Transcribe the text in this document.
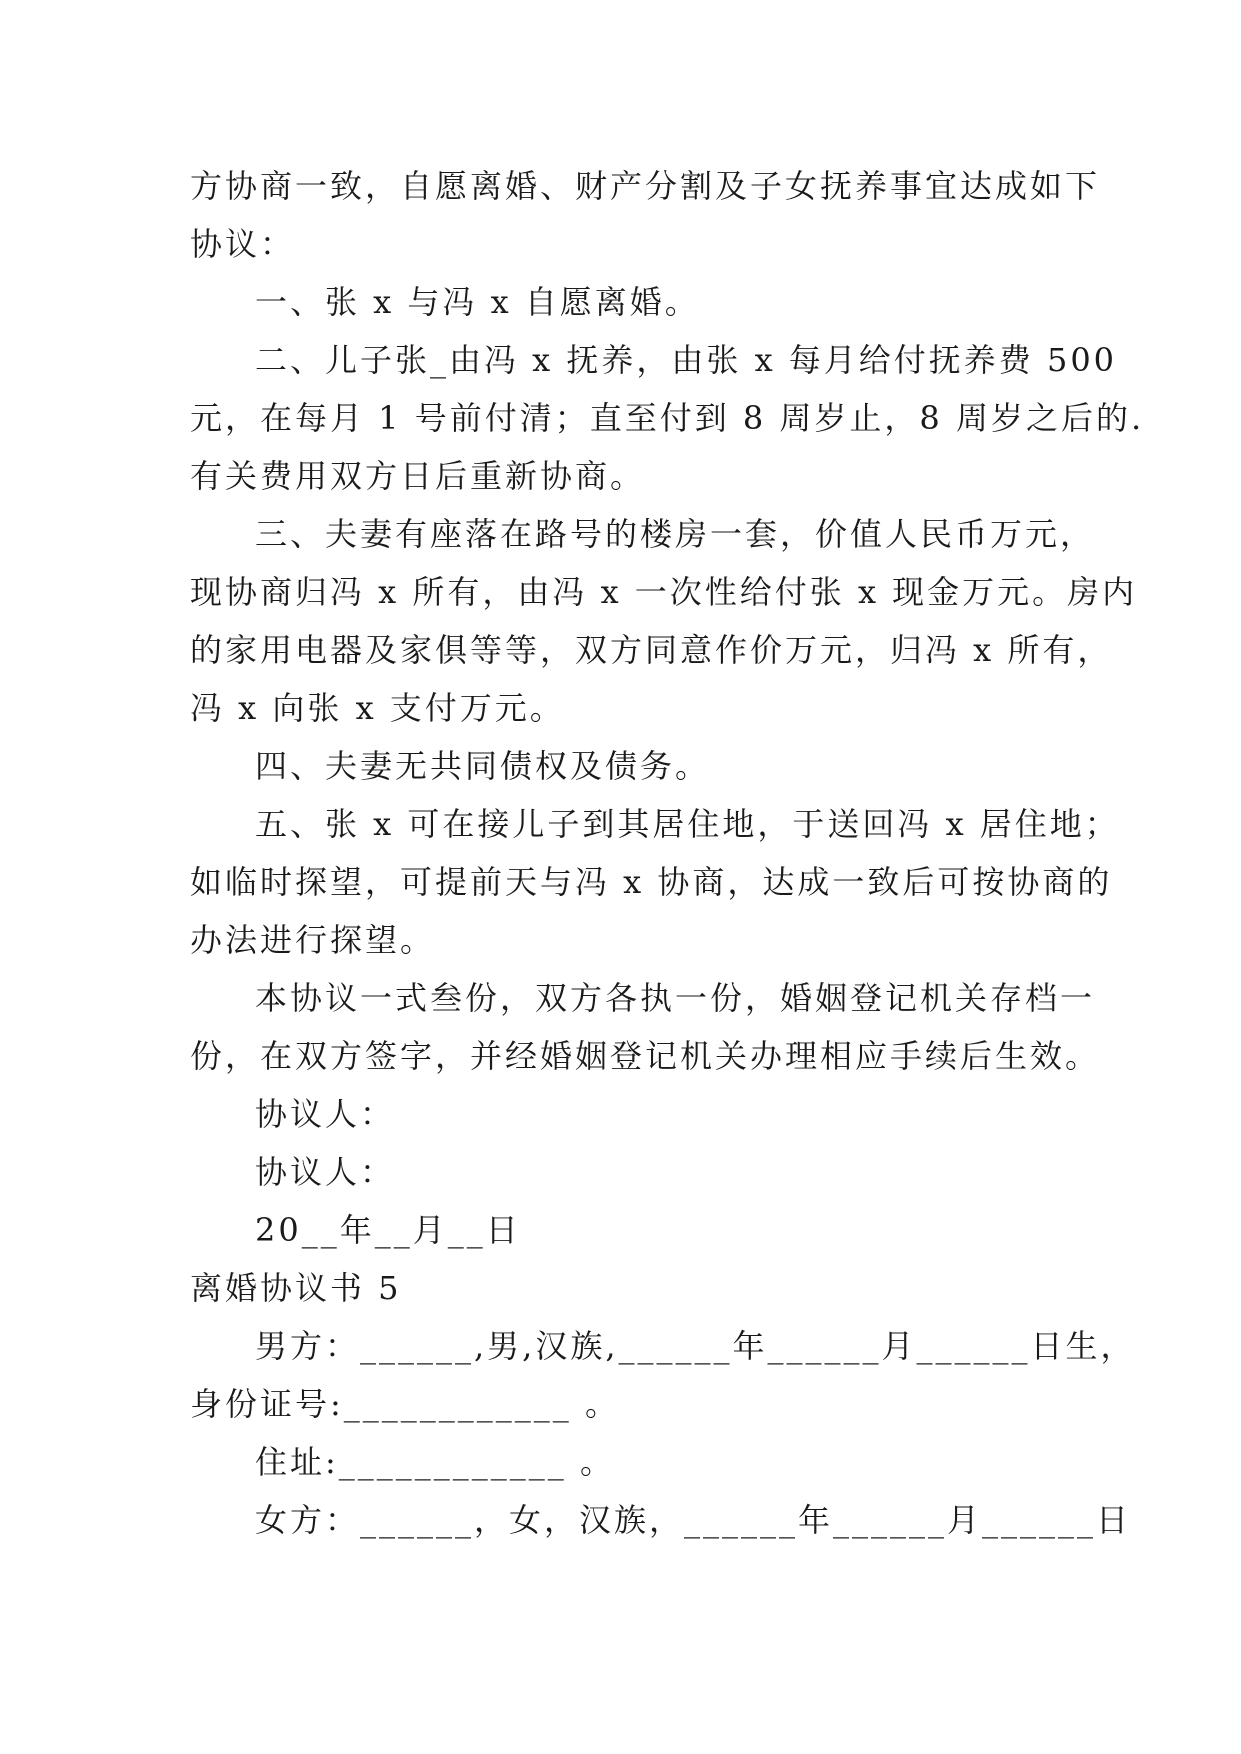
方协商一致，自愿离婚、财产分割及子女抚养事宜达成如下
协议：
一、张 x 与冯 x 自愿离婚。
二、儿子张_由冯 x 抚养，由张 x 每月给付抚养费 500
元，在每月 1 号前付清；直至付到 8 周岁止，8 周岁之后的.
有关费用双方日后重新协商。
三、夫妻有座落在路号的楼房一套，价值人民币万元，
现协商归冯 x 所有，由冯 x 一次性给付张 x 现金万元。房内
的家用电器及家俱等等，双方同意作价万元，归冯 x 所有，
冯 x 向张 x 支付万元。
四、夫妻无共同债权及债务。
五、张 x 可在接儿子到其居住地，于送回冯 x 居住地；
如临时探望，可提前天与冯 x 协商，达成一致后可按协商的
办法进行探望。
本协议一式叁份，双方各执一份，婚姻登记机关存档一
份，在双方签字，并经婚姻登记机关办理相应手续后生效。
协议人：
协议人：
20__年__月__日
离婚协议书 5
男方：______,男,汉族,______年______月______日生，
身份证号:____________ 。
住址:____________ 。
女方：______，女，汉族，______年______月______日
